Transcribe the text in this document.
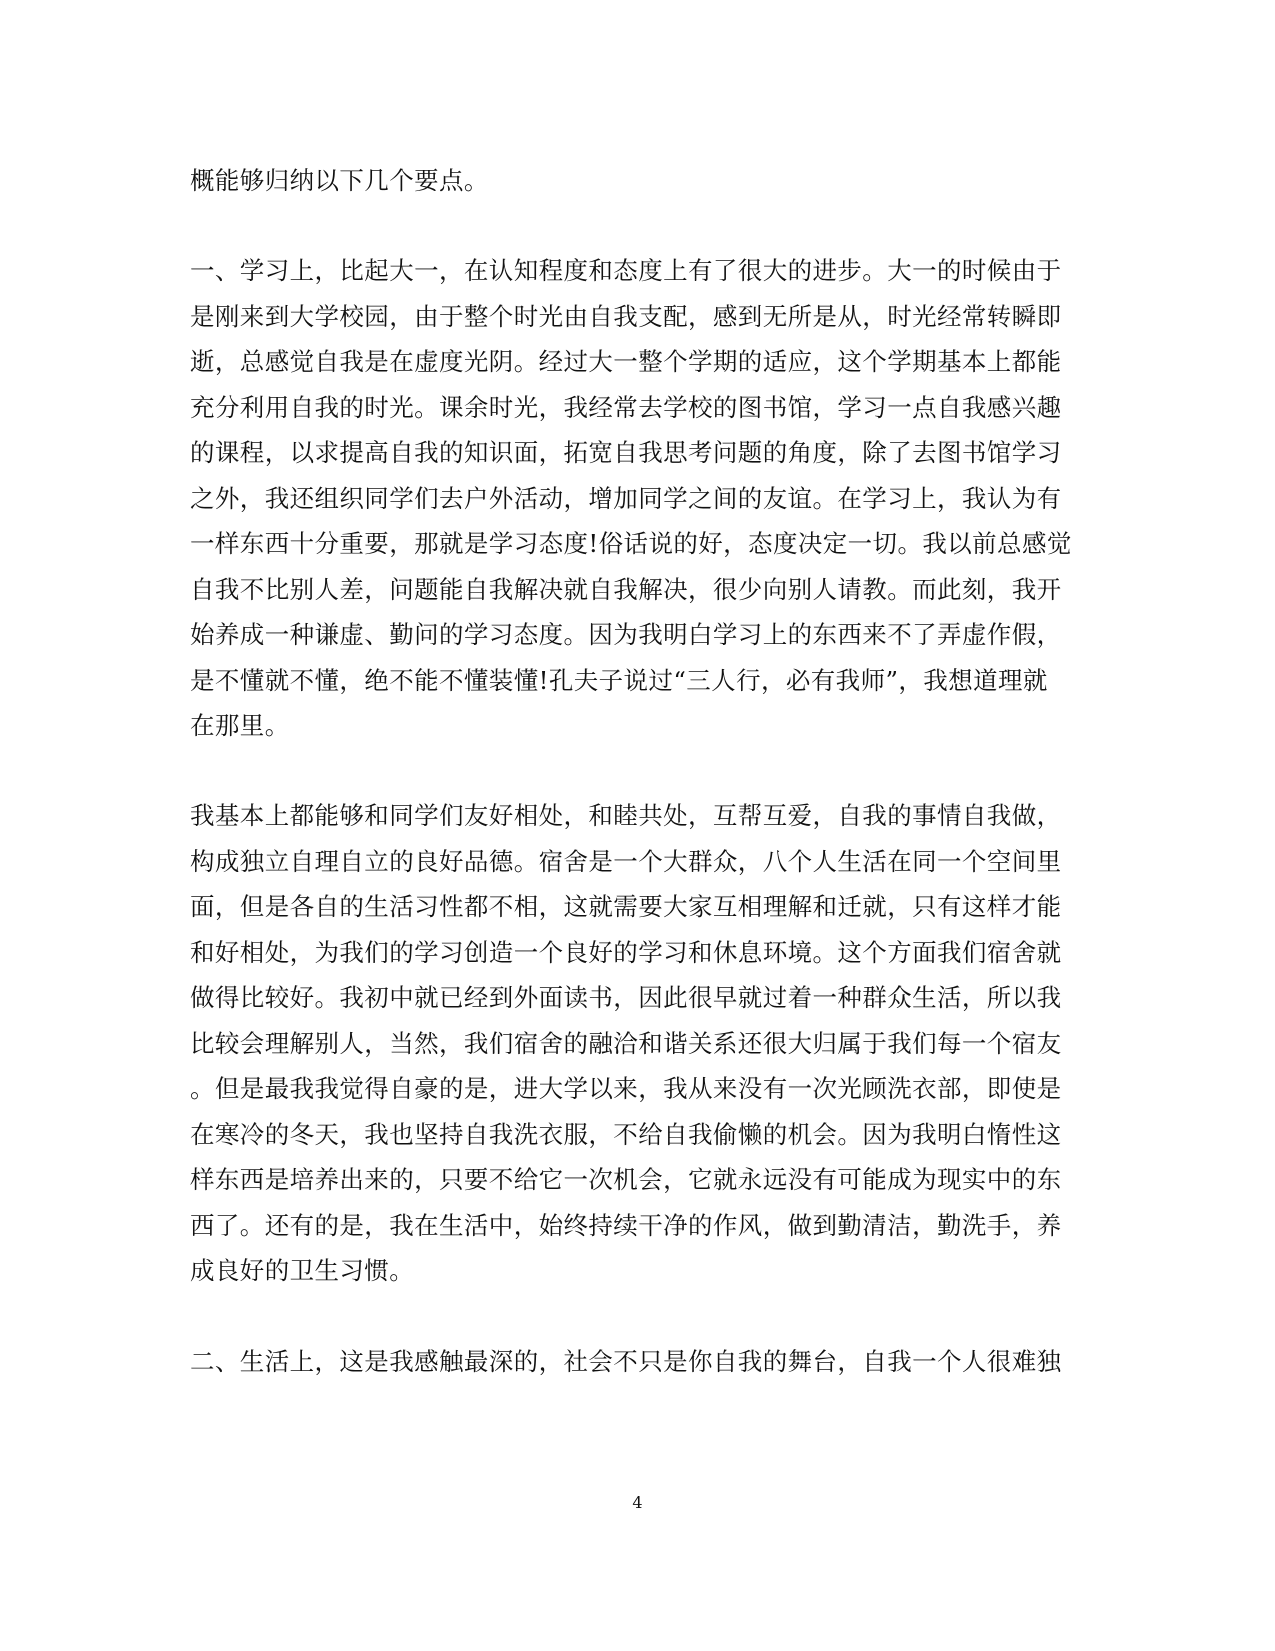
概能够归纳以下几个要点。
一、学习上，比起大一，在认知程度和态度上有了很大的进步。大一的时候由于
是刚来到大学校园，由于整个时光由自我支配，感到无所是从，时光经常转瞬即
逝，总感觉自我是在虚度光阴。经过大一整个学期的适应，这个学期基本上都能
充分利用自我的时光。课余时光，我经常去学校的图书馆，学习一点自我感兴趣
的课程，以求提高自我的知识面，拓宽自我思考问题的角度，除了去图书馆学习
之外，我还组织同学们去户外活动，增加同学之间的友谊。在学习上，我认为有
一样东西十分重要，那就是学习态度!俗话说的好，态度决定一切。我以前总感觉
自我不比别人差，问题能自我解决就自我解决，很少向别人请教。而此刻，我开
始养成一种谦虚、勤问的学习态度。因为我明白学习上的东西来不了弄虚作假，
是不懂就不懂，绝不能不懂装懂!孔夫子说过“三人行，必有我师”，我想道理就
在那里。
我基本上都能够和同学们友好相处，和睦共处，互帮互爱，自我的事情自我做，
构成独立自理自立的良好品德。宿舍是一个大群众，八个人生活在同一个空间里
面，但是各自的生活习性都不相，这就需要大家互相理解和迁就，只有这样才能
和好相处，为我们的学习创造一个良好的学习和休息环境。这个方面我们宿舍就
做得比较好。我初中就已经到外面读书，因此很早就过着一种群众生活，所以我
比较会理解别人，当然，我们宿舍的融洽和谐关系还很大归属于我们每一个宿友
。但是最我我觉得自豪的是，进大学以来，我从来没有一次光顾洗衣部，即使是
在寒冷的冬天，我也坚持自我洗衣服，不给自我偷懒的机会。因为我明白惰性这
样东西是培养出来的，只要不给它一次机会，它就永远没有可能成为现实中的东
西了。还有的是，我在生活中，始终持续干净的作风，做到勤清洁，勤洗手，养
成良好的卫生习惯。
二、生活上，这是我感触最深的，社会不只是你自我的舞台，自我一个人很难独
4
